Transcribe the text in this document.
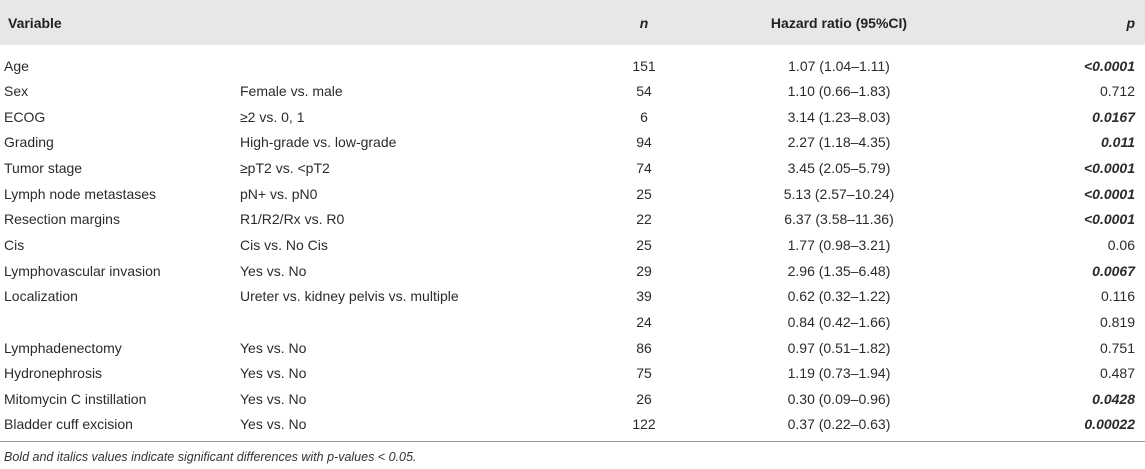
Variable		n	Hazard ratio (95%CI)	p
Age		151	1.07 (1.04–1.11)	<0.0001
Sex	Female vs. male	54	1.10 (0.66–1.83)	0.712
ECOG	≥2 vs. 0, 1	6	3.14 (1.23–8.03)	0.0167
Grading	High-grade vs. low-grade	94	2.27 (1.18–4.35)	0.011
Tumor stage	≥pT2 vs. <pT2	74	3.45 (2.05–5.79)	<0.0001
Lymph node metastases	pN+ vs. pN0	25	5.13 (2.57–10.24)	<0.0001
Resection margins	R1/R2/Rx vs. R0	22	6.37 (3.58–11.36)	<0.0001
Cis	Cis vs. No Cis	25	1.77 (0.98–3.21)	0.06
Lymphovascular invasion	Yes vs. No	29	2.96 (1.35–6.48)	0.0067
Localization	Ureter vs. kidney pelvis vs. multiple	39	0.62 (0.32–1.22)	0.116
		24	0.84 (0.42–1.66)	0.819
Lymphadenectomy	Yes vs. No	86	0.97 (0.51–1.82)	0.751
Hydronephrosis	Yes vs. No	75	1.19 (0.73–1.94)	0.487
Mitomycin C instillation	Yes vs. No	26	0.30 (0.09–0.96)	0.0428
Bladder cuff excision	Yes vs. No	122	0.37 (0.22–0.63)	0.00022
Bold and italics values indicate significant differences with p-values < 0.05.
